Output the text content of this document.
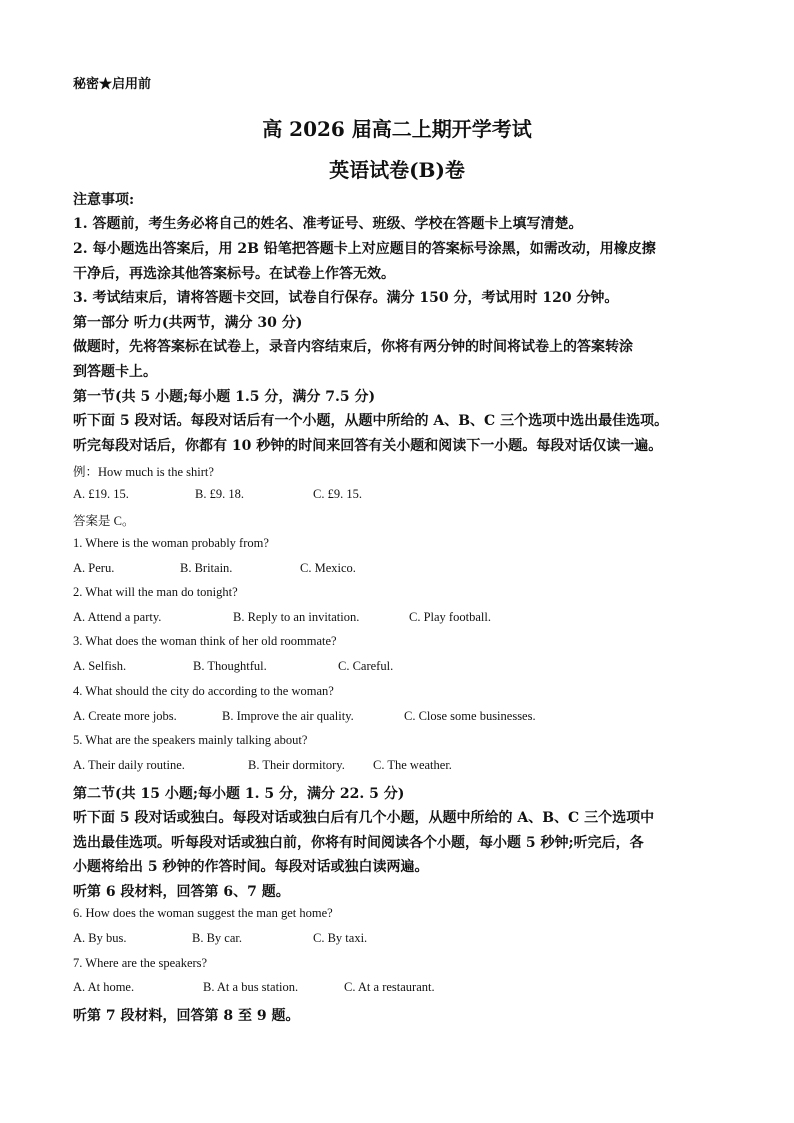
秘密★启用前
高 2026 届高二上期开学考试
英语试卷(B)卷
注意事项:
1. 答题前，考生务必将自己的姓名、准考证号、班级、学校在答题卡上填写清楚。
2. 每小题选出答案后，用 2B 铅笔把答题卡上对应题目的答案标号涂黑，如需改动，用橡皮擦
干净后，再选涂其他答案标号。在试卷上作答无效。
3. 考试结束后，请将答题卡交回，试卷自行保存。满分 150 分，考试用时 120 分钟。
第一部分 听力(共两节，满分 30 分)
做题时，先将答案标在试卷上，录音内容结束后，你将有两分钟的时间将试卷上的答案转涂
到答题卡上。
第一节(共 5 小题;每小题 1.5 分，满分 7.5 分)
听下面 5 段对话。每段对话后有一个小题，从题中所给的 A、B、C 三个选项中选出最佳选项。
听完每段对话后，你都有 10 秒钟的时间来回答有关小题和阅读下一小题。每段对话仅读一遍。
例：How much is the shirt?
A. £19. 15.	B. £9. 18.	C. £9. 15.
答案是 C。
1. Where is the woman probably from?
A. Peru.	B. Britain.	C. Mexico.
2. What will the man do tonight?
A. Attend a party.	B. Reply to an invitation.	C. Play football.
3. What does the woman think of her old roommate?
A. Selfish.	B. Thoughtful.	C. Careful.
4. What should the city do according to the woman?
A. Create more jobs.	B. Improve the air quality.	C. Close some businesses.
5. What are the speakers mainly talking about?
A. Their daily routine.	B. Their dormitory. C. The weather.
第二节(共 15 小题;每小题 1. 5 分，满分 22. 5 分)
听下面 5 段对话或独白。每段对话或独白后有几个小题，从题中所给的 A、B、C 三个选项中
选出最佳选项。听每段对话或独白前，你将有时间阅读各个小题，每小题 5 秒钟;听完后，各
小题将给出 5 秒钟的作答时间。每段对话或独白读两遍。
听第 6 段材料，回答第 6、7 题。
6. How does the woman suggest the man get home?
A. By bus.	B. By car.	C. By taxi.
7. Where are the speakers?
A. At home.	B. At a bus station.	C. At a restaurant.
听第 7 段材料，回答第 8 至 9 题。
